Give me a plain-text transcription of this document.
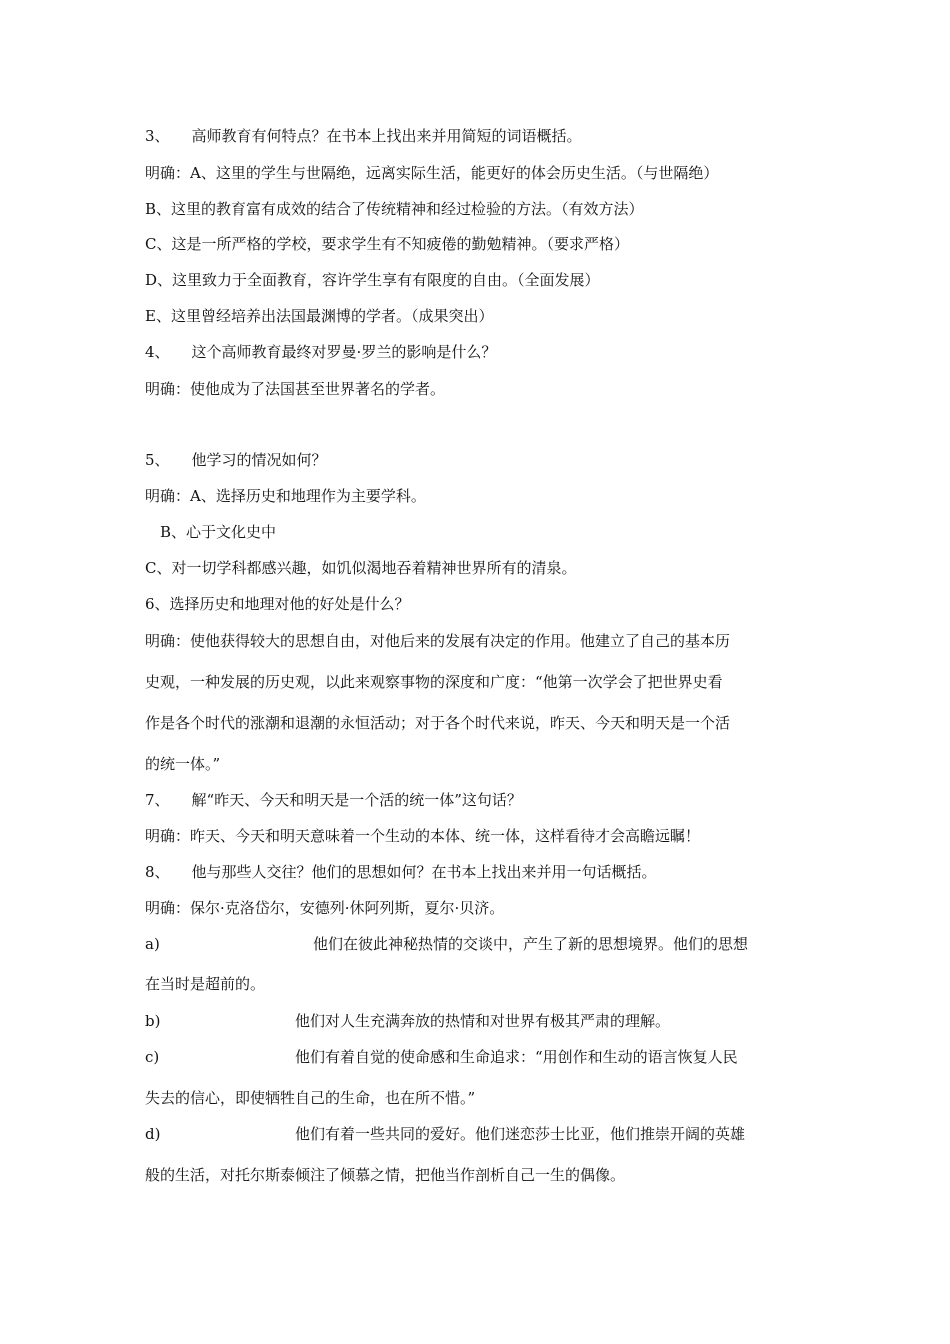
3、 高师教育有何特点？在书本上找出来并用简短的词语概括。
明确：A、这里的学生与世隔绝，远离实际生活，能更好的体会历史生活。（与世隔绝）
B、这里的教育富有成效的结合了传统精神和经过检验的方法。（有效方法）
C、这是一所严格的学校，要求学生有不知疲倦的勤勉精神。（要求严格）
D、这里致力于全面教育，容许学生享有有限度的自由。（全面发展）
E、这里曾经培养出法国最渊博的学者。（成果突出）
4、 这个高师教育最终对罗曼·罗兰的影响是什么？
明确：使他成为了法国甚至世界著名的学者。
5、 他学习的情况如何？
明确：A、选择历史和地理作为主要学科。
B、心于文化史中
C、对一切学科都感兴趣，如饥似渴地吞着精神世界所有的清泉。
6、选择历史和地理对他的好处是什么？
明确：使他获得较大的思想自由，对他后来的发展有决定的作用。他建立了自己的基本历
史观，一种发展的历史观，以此来观察事物的深度和广度：“他第一次学会了把世界史看
作是各个时代的涨潮和退潮的永恒活动；对于各个时代来说，昨天、今天和明天是一个活
的统一体。”
7、 解“昨天、今天和明天是一个活的统一体”这句话？
明确：昨天、今天和明天意味着一个生动的本体、统一体，这样看待才会高瞻远瞩！
8、 他与那些人交往？他们的思想如何？在书本上找出来并用一句话概括。
明确：保尔·克洛岱尔，安德列·休阿列斯，夏尔·贝济。
a)	他们在彼此神秘热情的交谈中，产生了新的思想境界。他们的思想
在当时是超前的。
b)	他们对人生充满奔放的热情和对世界有极其严肃的理解。
c)	他们有着自觉的使命感和生命追求：“用创作和生动的语言恢复人民
失去的信心，即使牺牲自己的生命，也在所不惜。”
d)	他们有着一些共同的爱好。他们迷恋莎士比亚，他们推崇开阔的英雄
般的生活，对托尔斯泰倾注了倾慕之情，把他当作剖析自己一生的偶像。
